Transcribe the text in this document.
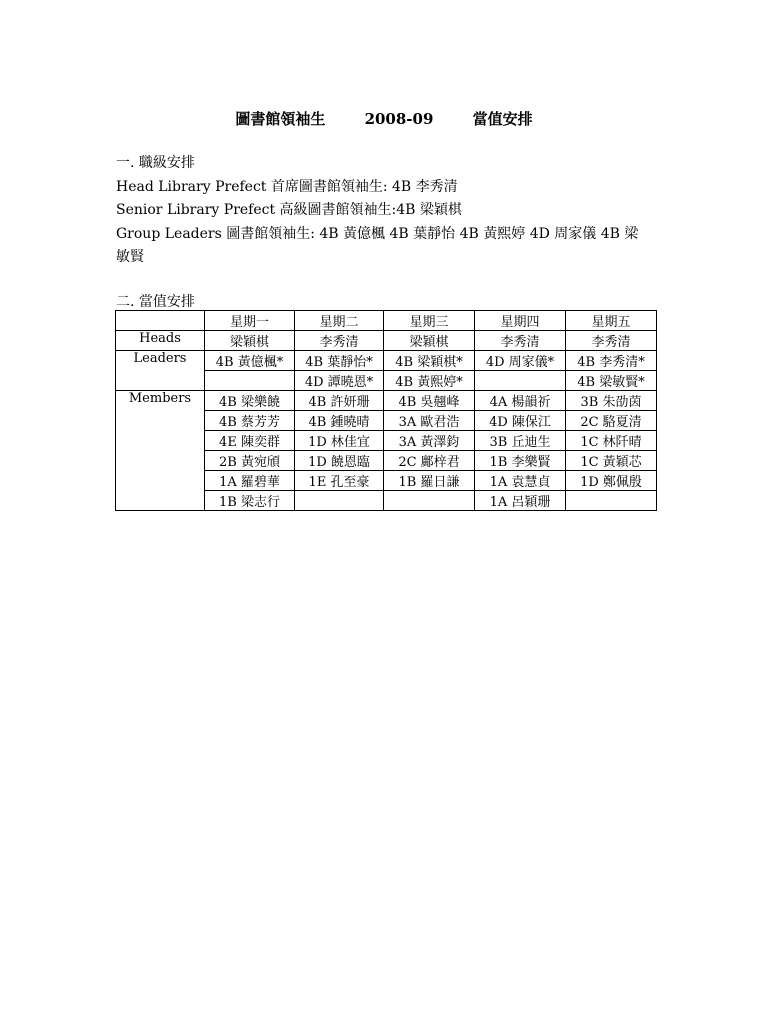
圖書館領袖生	2008-09	當值安排

一. 職級安排

Head Library Prefect 首席圖書館領袖生: 4B 李秀清

Senior Library Prefect 高級圖書館領袖生:4B 梁穎棋

Group Leaders 圖書館領袖生: 4B 黃億楓 4B 葉靜怡 4B 黃熙婷 4D 周家儀 4B 梁

敏賢

二. 當值安排
	星期一	星期二	星期三	星期四	星期五
Heads	梁穎棋	李秀清	梁穎棋	李秀清	李秀清
Leaders	4B 黃億楓*	4B 葉靜怡*	4B 梁穎棋*	4D 周家儀*	4B 李秀清*
		4D 譚曉恩*	4B 黃熙婷*		4B 梁敏賢*
Members	4B 梁樂饒	4B 許妍珊	4B 吳翹峰	4A 楊韻祈	3B 朱劭茵
	4B 蔡芳芳	4B 鍾曉晴	3A 歐君浩	4D 陳保江	2C 駱夏清
	4E 陳奕群	1D 林佳宜	3A 黃澤鈞	3B 丘迪生	1C 林阡晴
	2B 黃宛頎	1D 饒恩臨	2C 鄺梓君	1B 李樂賢	1C 黃穎芯
	1A 羅碧華	1E 孔至豪	1B 羅日謙	1A 袁慧貞	1D 鄭佩殷
	1B 梁志行			1A 呂穎珊	
